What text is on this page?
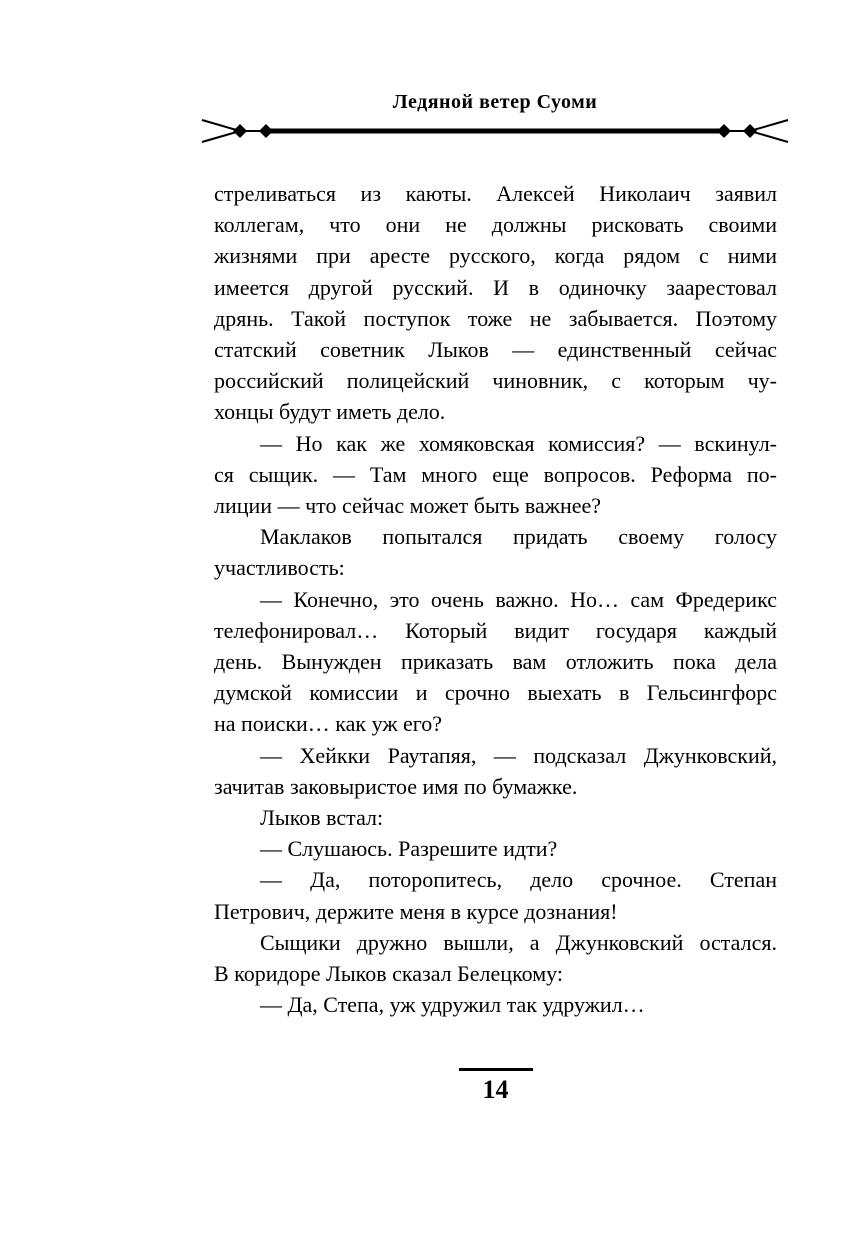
Ледяной ветер Суоми
стреливаться из каюты. Алексей Николаич заявил
коллегам, что они не должны рисковать своими
жизнями при аресте русского, когда рядом с ними
имеется другой русский. И в одиночку заарестовал
дрянь. Такой поступок тоже не забывается. Поэтому
статский советник Лыков — единственный сейчас
российский полицейский чиновник, с которым чу-
хонцы будут иметь дело.
— Но как же хомяковская комиссия? — вскинул-
ся сыщик. — Там много еще вопросов. Реформа по-
лиции — что сейчас может быть важнее?
Маклаков попытался придать своему голосу
участливость:
— Конечно, это очень важно. Но… сам Фредерикс
телефонировал… Который видит государя каждый
день. Вынужден приказать вам отложить пока дела
думской комиссии и срочно выехать в Гельсингфорс
на поиски… как уж его?
— Хейкки Раутапяя, — подсказал Джунковский,
зачитав заковыристое имя по бумажке.
Лыков встал:
— Слушаюсь. Разрешите идти?
— Да, поторопитесь, дело срочное. Степан
Петрович, держите меня в курсе дознания!
Сыщики дружно вышли, а Джунковский остался.
В коридоре Лыков сказал Белецкому:
— Да, Степа, уж удружил так удружил…
14
